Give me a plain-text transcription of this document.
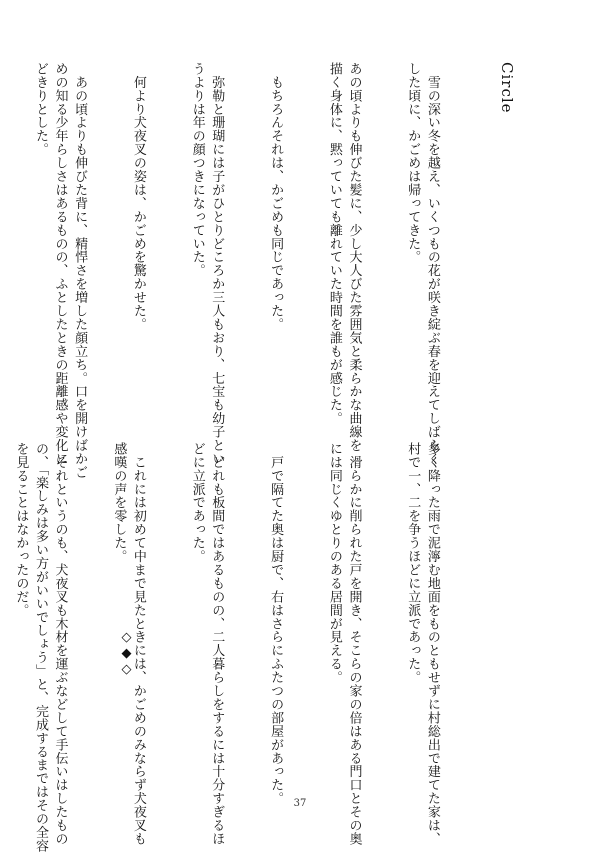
Circle

　雪の深い冬を越え、いくつもの花が咲き綻ぶ春を迎えてしばらく
した頃に、かごめは帰ってきた。

あの頃よりも伸びた髪に、少し大人びた雰囲気と柔らかな曲線を
描く身体に、黙っていても離れていた時間を誰もが感じた。

　もちろんそれは、かごめも同じであった。

　弥勒と珊瑚には子がひとりどころか三人もおり、七宝も幼子とい
うよりは年の顔つきになっていた。

　何より犬夜叉の姿は、かごめを驚かせた。

　あの頃よりも伸びた背に、精悍さを増した顔立ち。口を開けばかご
めの知る少年らしさはあるものの、ふとしたときの距離感や変化に
どきりとした。

多く降った雨で泥濘む地面をものともせずに村総出で建てた家は、
村で一、二を争うほどに立派であった。

　滑らかに削られた戸を開き、そこらの家の倍はある門口とその奥
には同じくゆとりのある居間が見える。

　戸で隔てた奥は厨で、右はさらにふたつの部屋があった。

　どれも板間ではあるものの、二人暮らしをするには十分すぎるほ
どに立派であった。

　これには初めて中まで見たときには、かごめのみならず犬夜叉も
感嘆の声を零した。

　それというのも、犬夜叉も木材を運ぶなどして手伝いはしたもの
の、「楽しみは多い方がいいでしょう」と、完成するまではその全容
を見ることはなかったのだ。

◇◆◇
37
